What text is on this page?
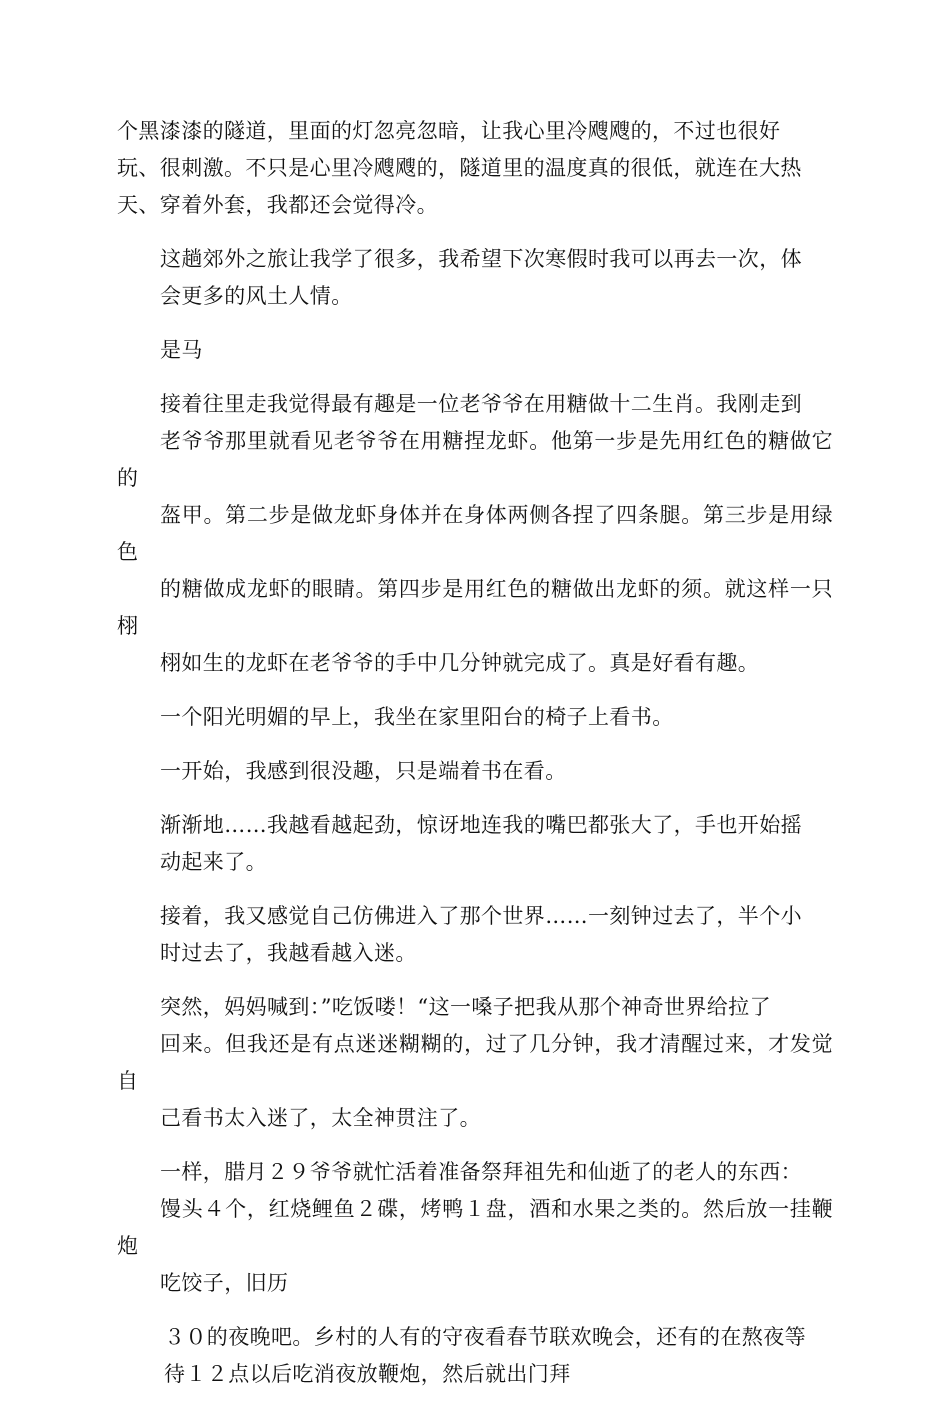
个黑漆漆的隧道，里面的灯忽亮忽暗，让我心里冷飕飕的，不过也很好
玩、很刺激。不只是心里冷飕飕的，隧道里的温度真的很低，就连在大热
天、穿着外套，我都还会觉得冷。

这趟郊外之旅让我学了很多，我希望下次寒假时我可以再去一次，体
会更多的风土人情。

是马

接着往里走我觉得最有趣是一位老爷爷在用糖做十二生肖。我刚走到
老爷爷那里就看见老爷爷在用糖捏龙虾。他第一步是先用红色的糖做它的
盔甲。第二步是做龙虾身体并在身体两侧各捏了四条腿。第三步是用绿色
的糖做成龙虾的眼睛。第四步是用红色的糖做出龙虾的须。就这样一只栩
栩如生的龙虾在老爷爷的手中几分钟就完成了。真是好看有趣。

一个阳光明媚的早上，我坐在家里阳台的椅子上看书。

一开始，我感到很没趣，只是端着书在看。

渐渐地……我越看越起劲，惊讶地连我的嘴巴都张大了，手也开始摇
动起来了。

接着，我又感觉自己仿佛进入了那个世界……一刻钟过去了，半个小
时过去了，我越看越入迷。

突然，妈妈喊到：”吃饭喽！“这一嗓子把我从那个神奇世界给拉了
回来。但我还是有点迷迷糊糊的，过了几分钟，我才清醒过来，才发觉自
己看书太入迷了，太全神贯注了。

一样，腊月２９爷爷就忙活着准备祭拜祖先和仙逝了的老人的东西：
馒头４个，红烧鲤鱼２碟，烤鸭１盘，酒和水果之类的。然后放一挂鞭炮
吃饺子，旧历

３０的夜晚吧。乡村的人有的守夜看春节联欢晚会，还有的在熬夜等
待１２点以后吃消夜放鞭炮，然后就出门拜
